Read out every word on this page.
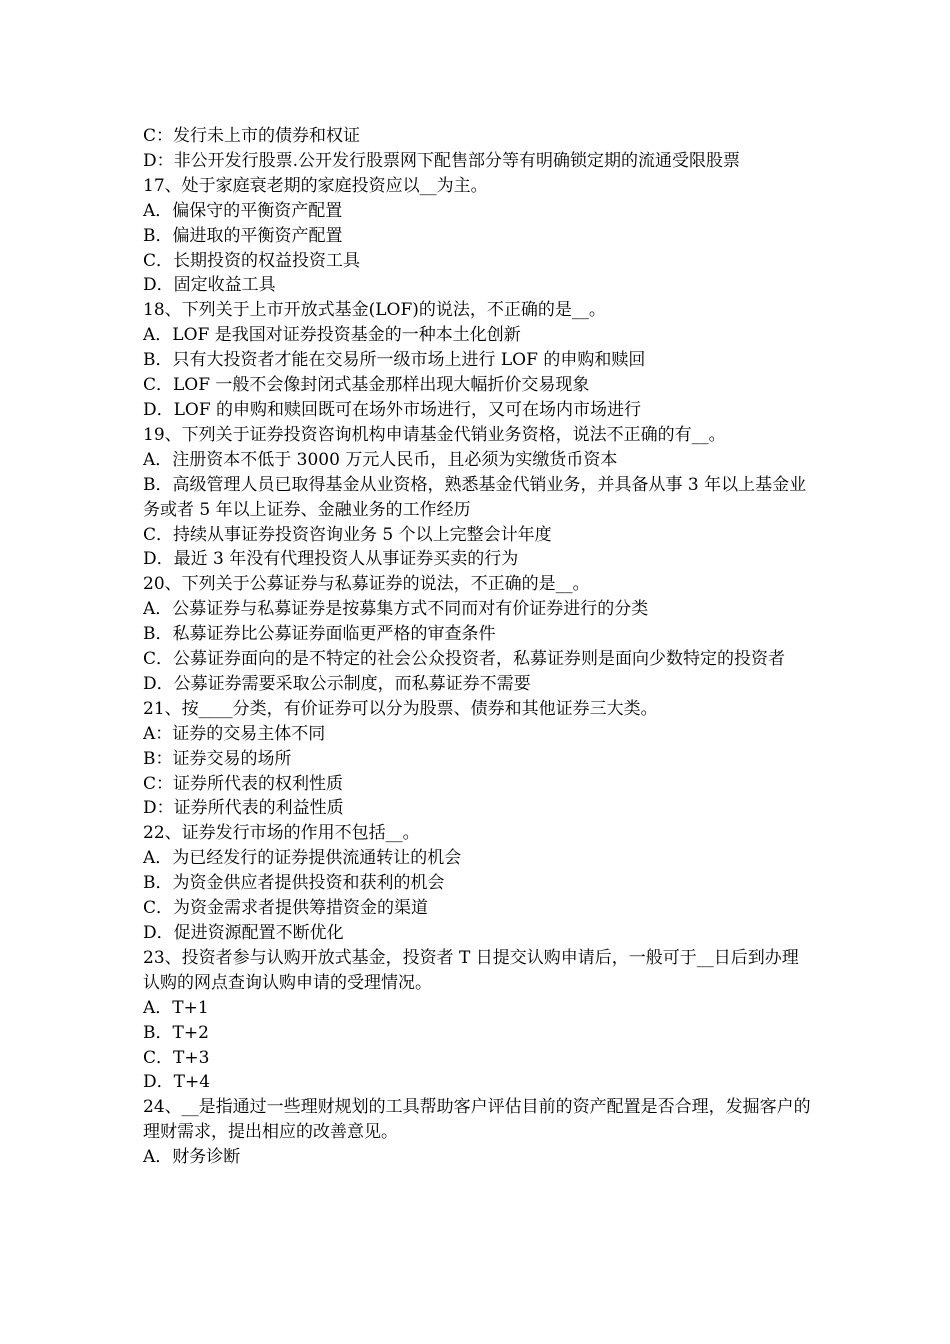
C：发行未上市的债券和权证
D：非公开发行股票.公开发行股票网下配售部分等有明确锁定期的流通受限股票
17、处于家庭衰老期的家庭投资应以__为主。
A．偏保守的平衡资产配置
B．偏进取的平衡资产配置
C．长期投资的权益投资工具
D．固定收益工具
18、下列关于上市开放式基金(LOF)的说法，不正确的是__。
A．LOF 是我国对证券投资基金的一种本土化创新
B．只有大投资者才能在交易所一级市场上进行 LOF 的申购和赎回
C．LOF 一般不会像封闭式基金那样出现大幅折价交易现象
D．LOF 的申购和赎回既可在场外市场进行，又可在场内市场进行
19、下列关于证券投资咨询机构申请基金代销业务资格，说法不正确的有__。
A．注册资本不低于 3000 万元人民币，且必须为实缴货币资本
B．高级管理人员已取得基金从业资格，熟悉基金代销业务，并具备从事 3 年以上基金业务或者 5 年以上证券、金融业务的工作经历
C．持续从事证券投资咨询业务 5 个以上完整会计年度
D．最近 3 年没有代理投资人从事证券买卖的行为
20、下列关于公募证券与私募证券的说法，不正确的是__。
A．公募证券与私募证券是按募集方式不同而对有价证券进行的分类
B．私募证券比公募证券面临更严格的审查条件
C．公募证券面向的是不特定的社会公众投资者，私募证券则是面向少数特定的投资者
D．公募证券需要采取公示制度，而私募证券不需要
21、按____分类，有价证券可以分为股票、债券和其他证券三大类。
A：证券的交易主体不同
B：证券交易的场所
C：证券所代表的权利性质
D：证券所代表的利益性质
22、证券发行市场的作用不包括__。
A．为已经发行的证券提供流通转让的机会
B．为资金供应者提供投资和获利的机会
C．为资金需求者提供筹措资金的渠道
D．促进资源配置不断优化
23、投资者参与认购开放式基金，投资者 T 日提交认购申请后，一般可于__日后到办理认购的网点查询认购申请的受理情况。
A．T+1
B．T+2
C．T+3
D．T+4
24、__是指通过一些理财规划的工具帮助客户评估目前的资产配置是否合理，发掘客户的理财需求，提出相应的改善意见。
A．财务诊断
